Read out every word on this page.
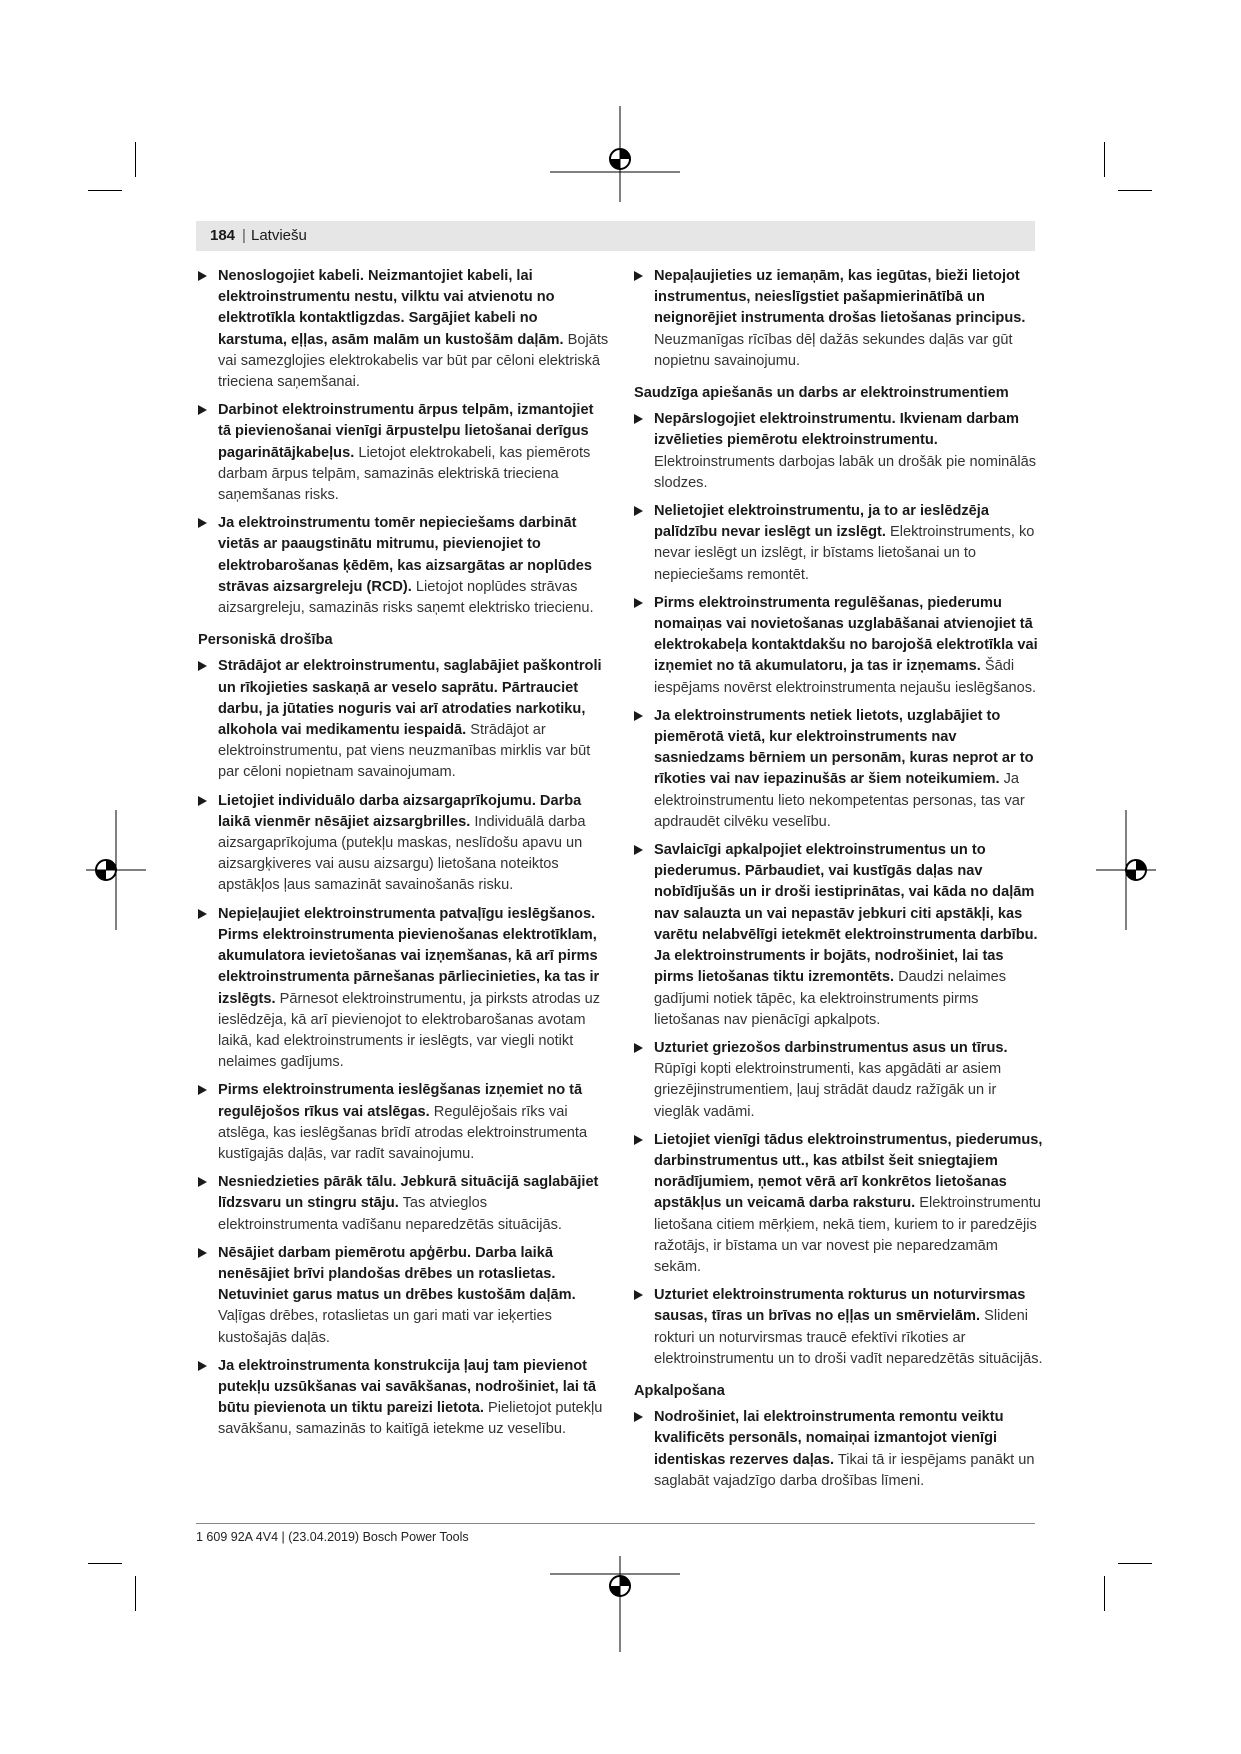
184 | Latviešu
Nenoslogojiet kabeli. Neizmantojiet kabeli, lai elektroinstrumentu nestu, vilktu vai atvienotu no elektrotīkla kontaktligzdas. Sargājiet kabeli no karstuma, eļļas, asām malām un kustošām daļām. Bojāts vai samezglojies elektrokabelis var būt par cēloni elektriskā trieciena saņemšanai.
Darbinot elektroinstrumentu ārpus telpām, izmantojiet tā pievienošanai vienīgi ārpustelpu lietošanai derīgus pagarinātājkabeļus. Lietojot elektrokabeli, kas piemērots darbam ārpus telpām, samazinās elektriskā trieciena saņemšanas risks.
Ja elektroinstrumentu tomēr nepieciešams darbināt vietās ar paaugstinātu mitrumu, pievienojiet to elektrobarošanas ķēdēm, kas aizsargātas ar noplūdes strāvas aizsargreleju (RCD). Lietojot noplūdes strāvas aizsargreleju, samazinās risks saņemt elektrisko triecienu.
Personiskā drošība
Strādājot ar elektroinstrumentu, saglabājiet paškontroli un rīkojieties saskaņā ar veselo saprātu. Pārtrauciet darbu, ja jūtaties noguris vai arī atrodaties narkotiku, alkohola vai medikamentu iespaidā. Strādājot ar elektroinstrumentu, pat viens neuzmanības mirklis var būt par cēloni nopietnam savainojumam.
Lietojiet individuālo darba aizsargaprīkojumu. Darba laikā vienmēr nēsājiet aizsargbrilles. Individuālā darba aizsargaprīkojuma (putekļu maskas, neslīdošu apavu un aizsargķiveres vai ausu aizsargu) lietošana noteiktos apstākļos ļaus samazināt savainošanās risku.
Nepieļaujiet elektroinstrumenta patvaļīgu ieslēgšanos. Pirms elektroinstrumenta pievienošanas elektrotīklam, akumulatora ievietošanas vai izņemšanas, kā arī pirms elektroinstrumenta pārnešanas pārliecinieties, ka tas ir izslēgts. Pārnesot elektroinstrumentu, ja pirksts atrodas uz ieslēdzēja, kā arī pievienojot to elektrobarošanas avotam laikā, kad elektroinstruments ir ieslēgts, var viegli notikt nelaimes gadījums.
Pirms elektroinstrumenta ieslēgšanas izņemiet no tā regulējošos rīkus vai atslēgas. Regulējošais rīks vai atslēga, kas ieslēgšanas brīdī atrodas elektroinstrumenta kustīgajās daļās, var radīt savainojumu.
Nesniedzieties pārāk tālu. Jebkurā situācijā saglabājiet līdzsvaru un stingru stāju. Tas atvieglos elektroinstrumenta vadīšanu neparedzētās situācijās.
Nēsājiet darbam piemērotu apģērbu. Darba laikā nenēsājiet brīvi plandošas drēbes un rotaslietas. Netuviniet garus matus un drēbes kustošām daļām. Vaļīgas drēbes, rotaslietas un gari mati var ieķerties kustošajās daļās.
Ja elektroinstrumenta konstrukcija ļauj tam pievienot putekļu uzsūkšanas vai savākšanas, nodrošiniet, lai tā būtu pievienota un tiktu pareizi lietota. Pielietojot putekļu savākšanu, samazinās to kaitīgā ietekme uz veselību.
Nepaļaujieties uz iemaņām, kas iegūtas, bieži lietojot instrumentus, neieslīgstiet pašapmierinātībā un neignorējiet instrumenta drošas lietošanas principus. Neuzmanīgas rīcības dēļ dažās sekundes daļās var gūt nopietnu savainojumu.
Saudzīga apiešanās un darbs ar elektroinstrumentiem
Nepārslogojiet elektroinstrumentu. Ikvienam darbam izvēlieties piemērotu elektroinstrumentu. Elektroinstruments darbojas labāk un drošāk pie nominālās slodzes.
Nelietojiet elektroinstrumentu, ja to ar ieslēdzēja palīdzību nevar ieslēgt un izslēgt. Elektroinstruments, ko nevar ieslēgt un izslēgt, ir bīstams lietošanai un to nepieciešams remontēt.
Pirms elektroinstrumenta regulēšanas, piederumu nomaiņas vai novietošanas uzglabāšanai atvienojiet tā elektrokabeļa kontaktdakšu no barojošā elektrotīkla vai izņemiet no tā akumulatoru, ja tas ir izņemams. Šādi iespējams novērst elektroinstrumenta nejaušu ieslēgšanos.
Ja elektroinstruments netiek lietots, uzglabājiet to piemērotā vietā, kur elektroinstruments nav sasniedzams bērniem un personām, kuras neprot ar to rīkoties vai nav iepazinušās ar šiem noteikumiem. Ja elektroinstrumentu lieto nekompetentas personas, tas var apdraudēt cilvēku veselību.
Savlaicīgi apkalpojiet elektroinstrumentus un to piederumus. Pārbaudiet, vai kustīgās daļas nav nobīdījušās un ir droši iestiprinātas, vai kāda no daļām nav salauzta un vai nepastāv jebkuri citi apstākļi, kas varētu nelabvēlīgi ietekmēt elektroinstrumenta darbību. Ja elektroinstruments ir bojāts, nodrošiniet, lai tas pirms lietošanas tiktu izremontēts. Daudzi nelaimes gadījumi notiek tāpēc, ka elektroinstruments pirms lietošanas nav pienācīgi apkalpots.
Uzturiet griezošos darbinstrumentus asus un tīrus. Rūpīgi kopti elektroinstrumenti, kas apgādāti ar asiem griezējinstrumentiem, ļauj strādāt daudz ražīgāk un ir vieglāk vadāmi.
Lietojiet vienīgi tādus elektroinstrumentus, piederumus, darbinstrumentus utt., kas atbilst šeit sniegtajiem norādījumiem, ņemot vērā arī konkrētos lietošanas apstākļus un veicamā darba raksturu. Elektroinstrumentu lietošana citiem mērķiem, nekā tiem, kuriem to ir paredzējis ražotājs, ir bīstama un var novest pie neparedzamām sekām.
Uzturiet elektroinstrumenta rokturus un noturvirsmas sausas, tīras un brīvas no eļļas un smērvielām. Slideni rokturi un noturvirsmas traucē efektīvi rīkoties ar elektroinstrumentu un to droši vadīt neparedzētās situācijās.
Apkalpošana
Nodrošiniet, lai elektroinstrumenta remontu veiktu kvalificēts personāls, nomaiņai izmantojot vienīgi identiskas rezerves daļas. Tikai tā ir iespējams panākt un saglabāt vajadzīgo darba drošības līmeni.
1 609 92A 4V4 | (23.04.2019) Bosch Power Tools
